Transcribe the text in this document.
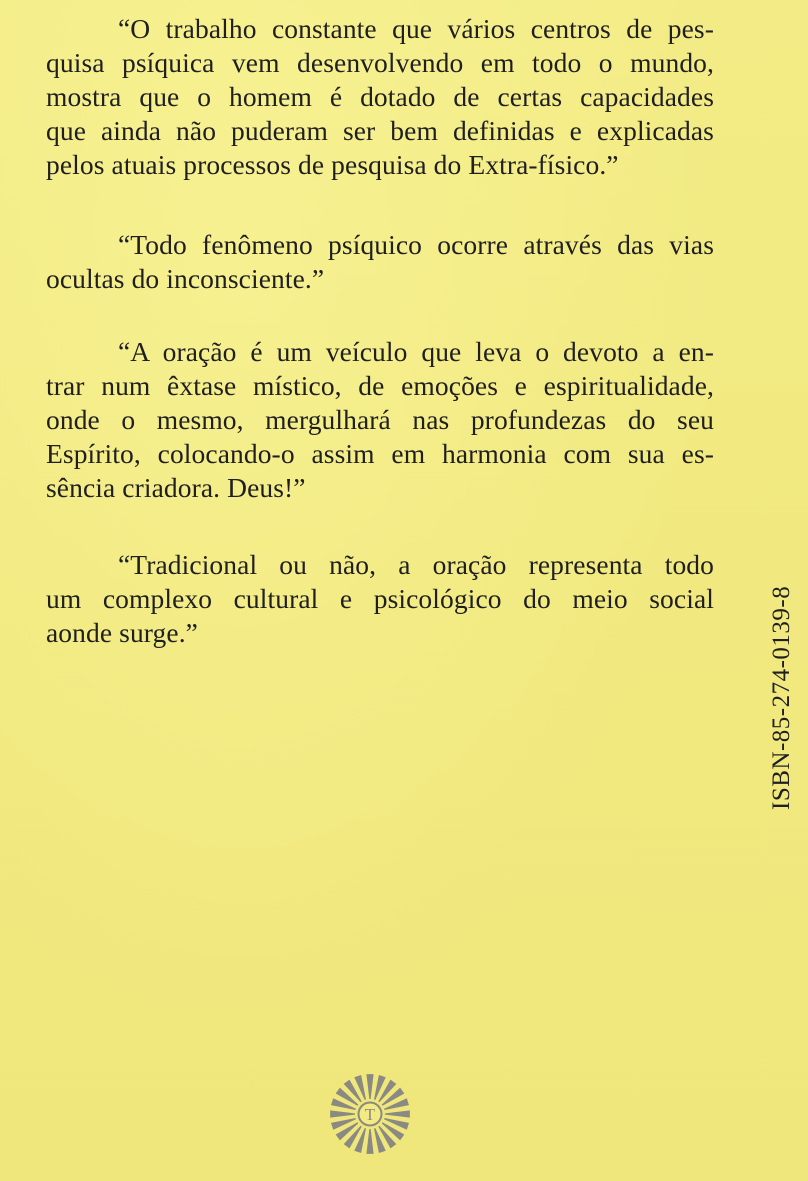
“O trabalho constante que vários centros de pes-
quisa psíquica vem desenvolvendo em todo o mundo,
mostra que o homem é dotado de certas capacidades
que ainda não puderam ser bem definidas e explicadas
pelos atuais processos de pesquisa do Extra-físico.”

“Todo fenômeno psíquico ocorre através das vias
ocultas do inconsciente.”

“A oração é um veículo que leva o devoto a en-
trar num êxtase místico, de emoções e espiritualidade,
onde o mesmo, mergulhará nas profundezas do seu
Espírito, colocando-o assim em harmonia com sua es-
sência criadora. Deus!”

“Tradicional ou não, a oração representa todo
um complexo cultural e psicológico do meio social
aonde surge.”	ISBN-85-274-0139-8
T
